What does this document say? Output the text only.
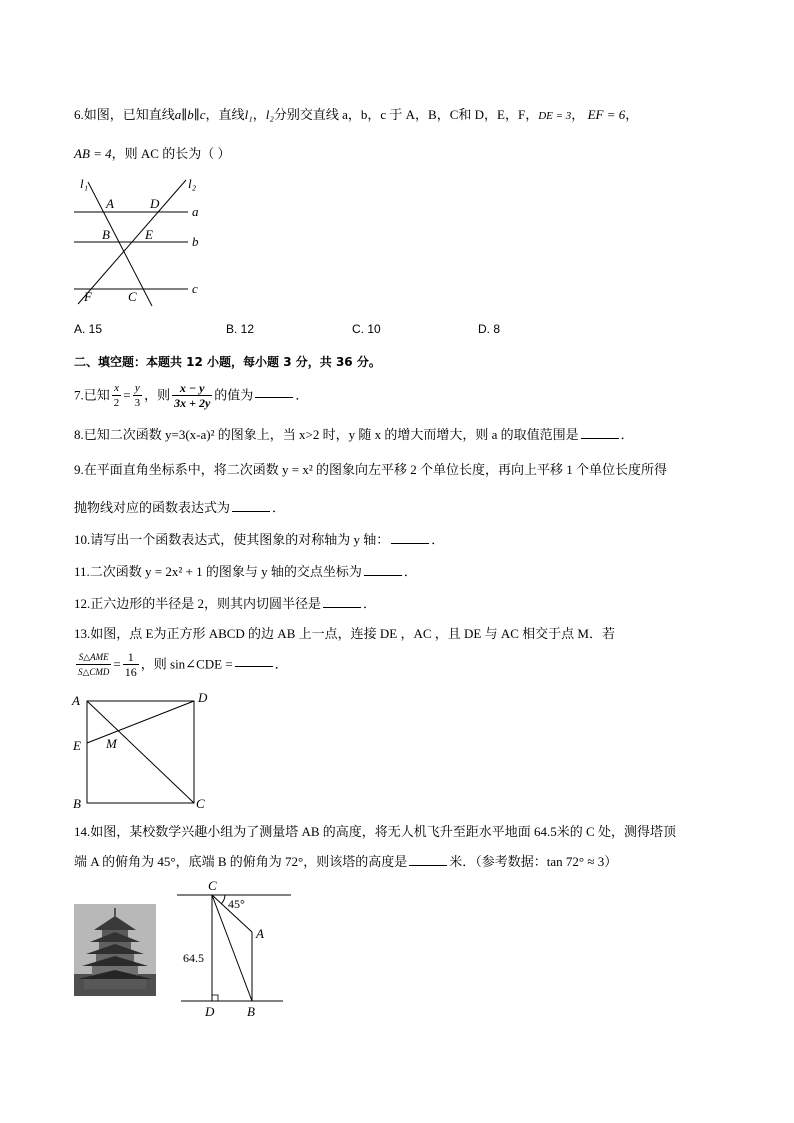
6.如图，已知直线a∥b∥c，直线l₁，l₂分别交直线 a，b，c 于 A，B，C和 D，E，F，DE = 3， EF = 6，
AB = 4，则 AC 的长为（ ）
l₁	l₂
A	D
a
B	E	b
F	C
c
A. 15	B. 12	C. 10	D. 8
二、填空题：本题共 12 小题，每小题 3 分，共 36 分。
7.已知 $\frac{x}{2} = \frac{y}{3}$ ，则 $\frac{x - y}{3x + 2y}$ 的值为	．
8.已知二次函数 y=3(x-a)² 的图象上，当 x>2 时，y 随 x 的增大而增大，则 a 的取值范围是	．
9.在平面直角坐标系中，将二次函数 y = x² 的图象向左平移 2 个单位长度，再向上平移 1 个单位长度所得
抛物线对应的函数表达式为	．
10.请写出一个函数表达式，使其图象的对称轴为 y 轴：	．
11.二次函数 y = 2x² + 1 的图象与 y 轴的交点坐标为	．
12.正六边形的半径是 2，则其内切圆半径是	．
13.如图，点 E为正方形 ABCD 的边 AB 上一点，连接 DE ，AC ，且 DE 与 AC 相交于点 M．若
$\frac{\text{S△AME}}{\text{S△CMD}} = \frac{1}{16}$ ，则 sin∠CDE =	．
A	D
E M
B	C
14.如图，某校数学兴趣小组为了测量塔 AB 的高度，将无人机飞升至距水平地面 64.5米的 C 处，测得塔顶
端 A 的俯角为 45°，底端 B 的俯角为 72°，则该塔的高度是	米．（参考数据：tan 72° ≈ 3）
C
45°
A
64.5
D	B
